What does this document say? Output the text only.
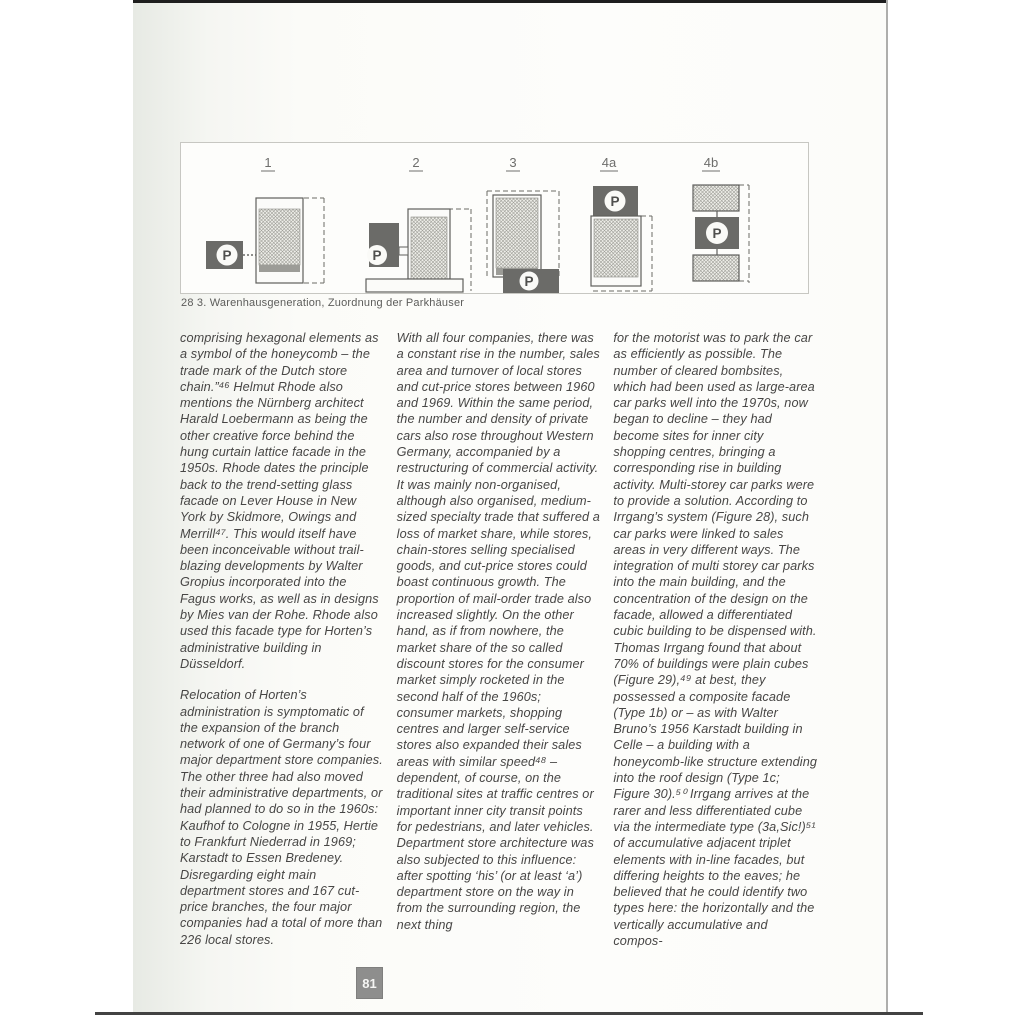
1
P
2
P
3
P
4a
P
4b
P
28 3. Warenhausgeneration, Zuordnung der Parkhäuser

comprising hexagonal elements as a symbol of the honeycomb – the trade mark of the Dutch store chain.”⁴⁶ Helmut Rhode also mentions the Nürnberg architect Harald Loebermann as being the other creative force behind the hung curtain lattice facade in the 1950s. Rhode dates the principle back to the trend-setting glass facade on Lever House in New York by Skidmore, Owings and Merrill⁴⁷. This would itself have been inconceivable without trail-blazing developments by Walter Gropius incorporated into the Fagus works, as well as in designs by Mies van der Rohe. Rhode also used this facade type for Horten’s administrative building in Düsseldorf.

Relocation of Horten’s administration is symptomatic of the expansion of the branch network of one of Germany’s four major department store companies. The other three had also moved their administrative departments, or had planned to do so in the 1960s: Kaufhof to Cologne in 1955, Hertie to Frankfurt Niederrad in 1969; Karstadt to Essen Bredeney. Disregarding eight main department stores and 167 cut-price branches, the four major companies had a total of more than 226 local stores.

With all four companies, there was a constant rise in the number, sales area and turnover of local stores and cut-price stores between 1960 and 1969. Within the same period, the number and density of private cars also rose throughout Western Germany, accompanied by a restructuring of commercial activity. It was mainly non-organised, although also organised, medium-sized specialty trade that suffered a loss of market share, while stores, chain-stores selling specialised goods, and cut-price stores could boast continuous growth. The proportion of mail-order trade also increased slightly. On the other hand, as if from nowhere, the market share of the so called discount stores for the consumer market simply rocketed in the second half of the 1960s; consumer markets, shopping centres and larger self-service stores also expanded their sales areas with similar speed⁴⁸ – dependent, of course, on the traditional sites at traffic centres or important inner city transit points for pedestrians, and later vehicles.

Department store architecture was also subjected to this influence: after spotting ‘his’ (or at least ‘a’) department store on the way in from the surrounding region, the next thing

for the motorist was to park the car as efficiently as possible. The number of cleared bombsites, which had been used as large-area car parks well into the 1970s, now began to decline – they had become sites for inner city shopping centres, bringing a corresponding rise in building activity. Multi-storey car parks were to provide a solution. According to Irrgang’s system (Figure 28), such car parks were linked to sales areas in very different ways. The integration of multi storey car parks into the main building, and the concentration of the design on the facade, allowed a differentiated cubic building to be dispensed with. Thomas Irrgang found that about 70% of buildings were plain cubes (Figure 29),⁴⁹ at best, they possessed a composite facade (Type 1b) or – as with Walter Bruno’s 1956 Karstadt building in Celle – a building with a honeycomb-like structure extending into the roof design (Type 1c; Figure 30).⁵⁰ Irrgang arrives at the rarer and less differentiated cube via the intermediate type (3a,Sic!)⁵¹ of accumulative adjacent triplet elements with in-line facades, but differing heights to the eaves; he believed that he could identify two types here: the horizontally and the vertically accumulative and compos-

81
